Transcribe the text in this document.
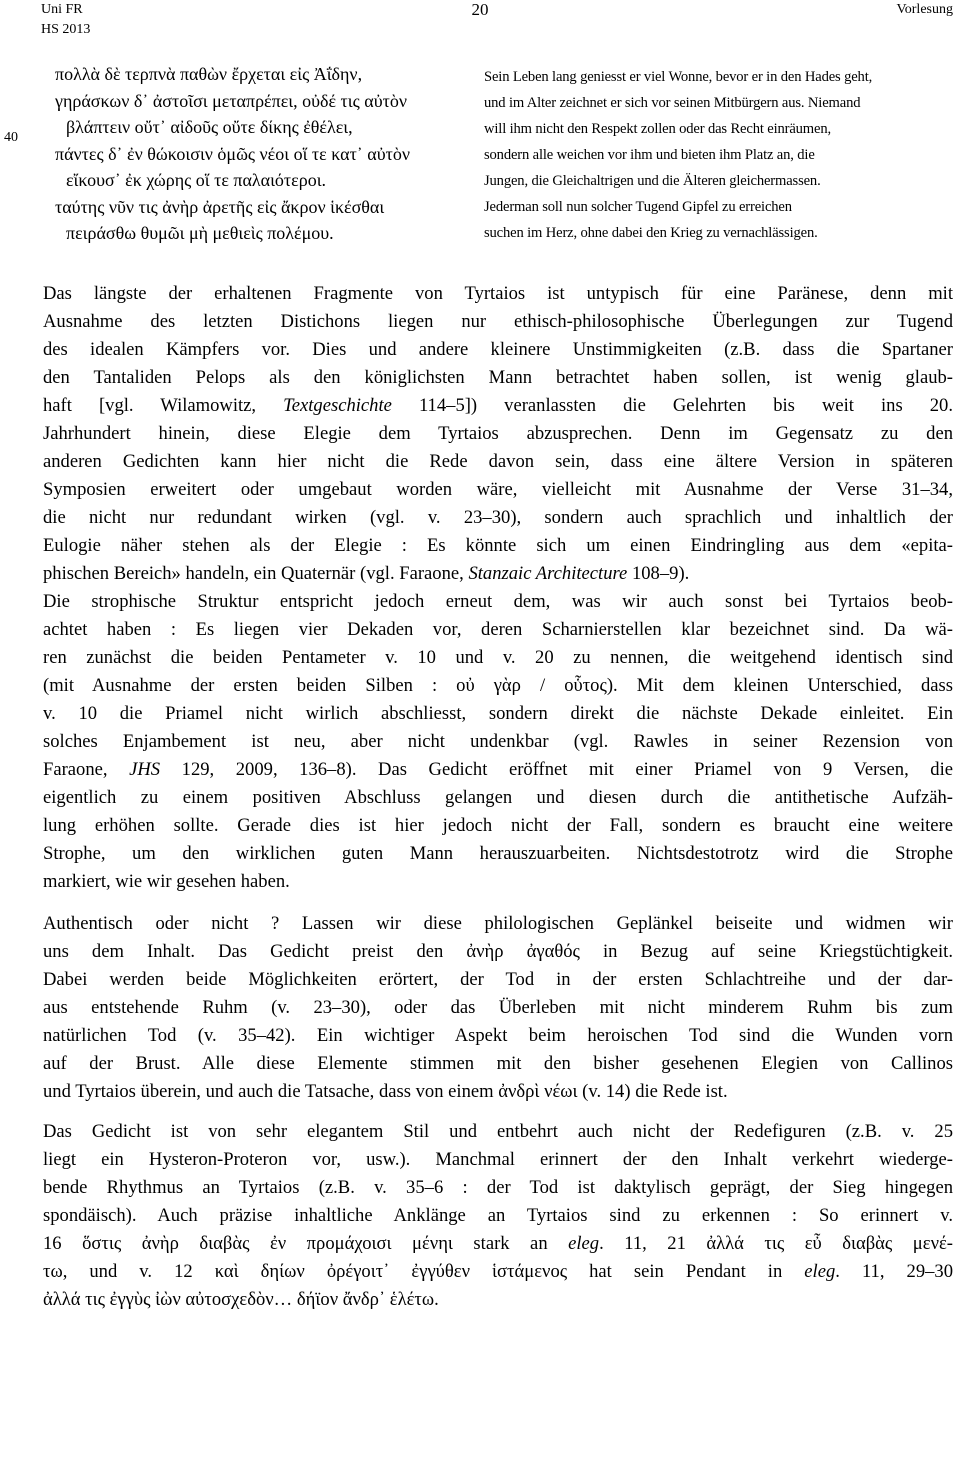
Uni FR
HS 2013
20	Vorlesung
40
πολλὰ δὲ τερπνὰ παθὼν ἔρχεται εἰς Ἀΐδην,
γηράσκων δ᾽ ἀστοῖσι μεταπρέπει, οὐδέ τις αὐτὸν
βλάπτειν οὔτ᾽ αἰδοῦς οὔτε δίκης ἐθέλει,
πάντες δ᾽ ἐν θώκοισιν ὁμῶς νέοι οἵ τε κατ᾽ αὐτὸν
εἴκουσ᾽ ἐκ χώρης οἵ τε παλαιότεροι.
ταύτης νῦν τις ἀνὴρ ἀρετῆς εἰς ἄκρον ἱκέσθαι
πειράσθω θυμῶι μὴ μεθιεὶς πολέμου.
Sein Leben lang geniesst er viel Wonne, bevor er in den Hades geht,
und im Alter zeichnet er sich vor seinen Mitbürgern aus. Niemand
will ihm nicht den Respekt zollen oder das Recht einräumen,
sondern alle weichen vor ihm und bieten ihm Platz an, die
Jungen, die Gleichaltrigen und die Älteren gleichermassen.
Jederman soll nun solcher Tugend Gipfel zu erreichen
suchen im Herz, ohne dabei den Krieg zu vernachlässigen.
Das längste der erhaltenen Fragmente von Tyrtaios ist untypisch für eine Paränese, denn mit
Ausnahme des letzten Distichons liegen nur ethisch-philosophische Überlegungen zur Tugend
des idealen Kämpfers vor. Dies und andere kleinere Unstimmigkeiten (z.B. dass die Spartaner
den Tantaliden Pelops als den königlichsten Mann betrachtet haben sollen, ist wenig glaub-
haft [vgl. Wilamowitz, Textgeschichte 114–5]) veranlassten die Gelehrten bis weit ins 20.
Jahrhundert hinein, diese Elegie dem Tyrtaios abzusprechen. Denn im Gegensatz zu den
anderen Gedichten kann hier nicht die Rede davon sein, dass eine ältere Version in späteren
Symposien erweitert oder umgebaut worden wäre, vielleicht mit Ausnahme der Verse 31–34,
die nicht nur redundant wirken (vgl. v. 23–30), sondern auch sprachlich und inhaltlich der
Eulogie näher stehen als der Elegie : Es könnte sich um einen Eindringling aus dem «epita-
phischen Bereich» handeln, ein Quaternär (vgl. Faraone, Stanzaic Architecture 108–9).
Die strophische Struktur entspricht jedoch erneut dem, was wir auch sonst bei Tyrtaios beob-
achtet haben : Es liegen vier Dekaden vor, deren Scharnierstellen klar bezeichnet sind. Da wä-
ren zunächst die beiden Pentameter v. 10 und v. 20 zu nennen, die weitgehend identisch sind
(mit Ausnahme der ersten beiden Silben : οὐ γὰρ / οὗτος). Mit dem kleinen Unterschied, dass
v. 10 die Priamel nicht wirlich abschliesst, sondern direkt die nächste Dekade einleitet. Ein
solches Enjambement ist neu, aber nicht undenkbar (vgl. Rawles in seiner Rezension von
Faraone, JHS 129, 2009, 136–8). Das Gedicht eröffnet mit einer Priamel von 9 Versen, die
eigentlich zu einem positiven Abschluss gelangen und diesen durch die antithetische Aufzäh-
lung erhöhen sollte. Gerade dies ist hier jedoch nicht der Fall, sondern es braucht eine weitere
Strophe, um den wirklichen guten Mann herauszuarbeiten. Nichtsdestotrotz wird die Strophe
markiert, wie wir gesehen haben.
Authentisch oder nicht ? Lassen wir diese philologischen Geplänkel beiseite und widmen wir
uns dem Inhalt. Das Gedicht preist den ἀνὴρ ἀγαθός in Bezug auf seine Kriegstüchtigkeit.
Dabei werden beide Möglichkeiten erörtert, der Tod in der ersten Schlachtreihe und der dar-
aus entstehende Ruhm (v. 23–30), oder das Überleben mit nicht minderem Ruhm bis zum
natürlichen Tod (v. 35–42). Ein wichtiger Aspekt beim heroischen Tod sind die Wunden vorn
auf der Brust. Alle diese Elemente stimmen mit den bisher gesehenen Elegien von Callinos
und Tyrtaios überein, und auch die Tatsache, dass von einem ἀνδρὶ νέωι (v. 14) die Rede ist.
Das Gedicht ist von sehr elegantem Stil und entbehrt auch nicht der Redefiguren (z.B. v. 25
liegt ein Hysteron-Proteron vor, usw.). Manchmal erinnert der den Inhalt verkehrt wiederge-
bende Rhythmus an Tyrtaios (z.B. v. 35–6 : der Tod ist daktylisch geprägt, der Sieg hingegen
spondäisch). Auch präzise inhaltliche Anklänge an Tyrtaios sind zu erkennen : So erinnert v.
16 ὅστις ἀνὴρ διαβὰς ἐν προμάχοισι μένηι stark an eleg. 11, 21 ἀλλά τις εὖ διαβὰς μενέ-
τω, und v. 12 καὶ δηίων ὀρέγοιτ᾽ ἐγγύθεν ἱστάμενος hat sein Pendant in eleg. 11, 29–30
ἀλλά τις ἐγγὺς ἰὼν αὐτοσχεδὸν… δήϊον ἄνδρ᾽ ἑλέτω.
